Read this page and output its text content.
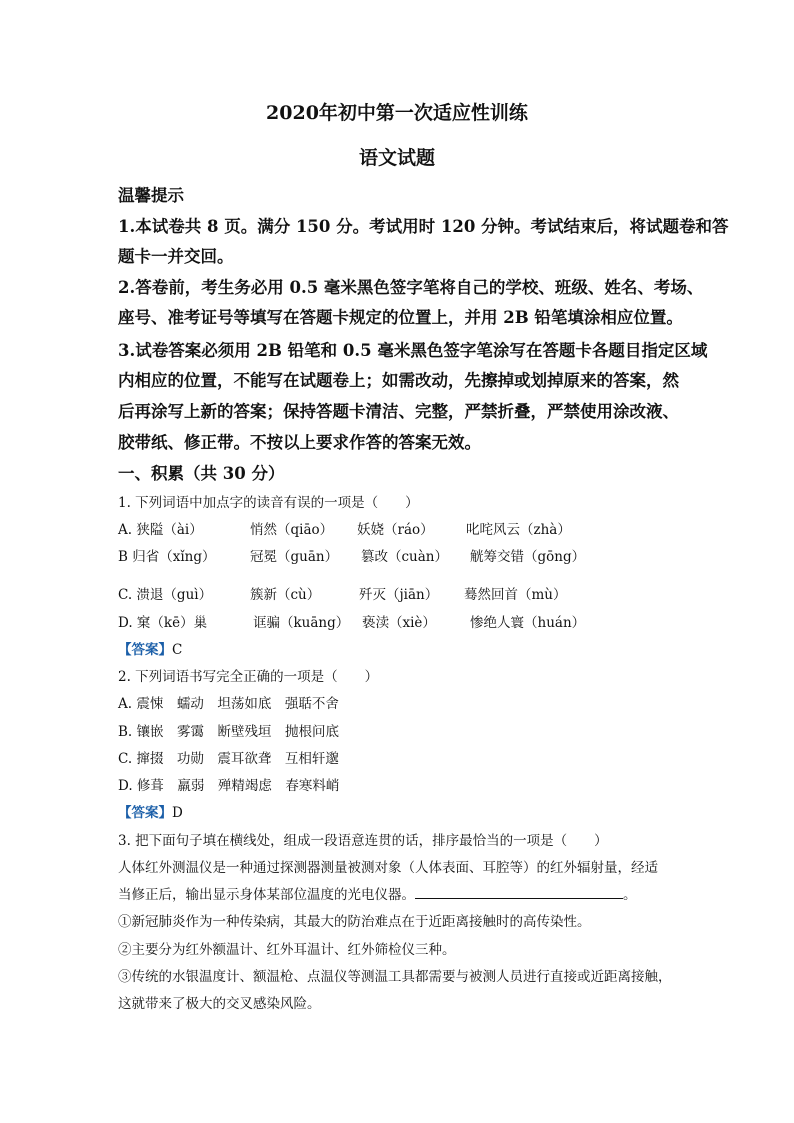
2020年初中第一次适应性训练
语文试题
温馨提示
1.本试卷共 8 页。满分 150 分。考试用时 120 分钟。考试结束后，将试题卷和答
题卡一并交回。
2.答卷前，考生务必用 0.5 毫米黑色签字笔将自己的学校、班级、姓名、考场、
座号、准考证号等填写在答题卡规定的位置上，并用 2B 铅笔填涂相应位置。
3.试卷答案必须用 2B 铅笔和 0.5 毫米黑色签字笔涂写在答题卡各题目指定区域
内相应的位置，不能写在试题卷上；如需改动，先擦掉或划掉原来的答案，然
后再涂写上新的答案；保持答题卡清洁、完整，严禁折叠，严禁使用涂改液、
胶带纸、修正带。不按以上要求作答的答案无效。
一、积累（共 30 分）
1. 下列词语中加点字的读音有误的一项是（　　）
A. 狭隘（ài）	悄然（qiāo） 妖娆（ráo） 叱咤风云（zhà）
B 归省（xǐng）	冠冕（guān） 篡改（cuàn） 觥筹交错（gōng）
C. 溃退（guì）	簇新（cù）	歼灭（jiān） 蓦然回首（mù）
D. 窠（kē）巢	诓骗（kuāng） 亵渎（xiè）	惨绝人寰（huán）
【答案】C
2. 下列词语书写完全正确的一项是（　　）
A. 震悚　蠕动　坦荡如底　强聒不舍
B. 镶嵌　雾霭　断壁残垣　抛根问底
C. 撺掇　功勋　震耳欲聋　互相轩邈
D. 修葺　羸弱　殚精竭虑　春寒料峭
【答案】D
3. 把下面句子填在横线处，组成一段语意连贯的话，排序最恰当的一项是（　　）
人体红外测温仪是一种通过探测器测量被测对象（人体表面、耳腔等）的红外辐射量，经适
当修正后，输出显示身体某部位温度的光电仪器。	。
①新冠肺炎作为一种传染病，其最大的防治难点在于近距离接触时的高传染性。
②主要分为红外额温计、红外耳温计、红外筛检仪三种。
③传统的水银温度计、额温枪、点温仪等测温工具都需要与被测人员进行直接或近距离接触，
这就带来了极大的交叉感染风险。
